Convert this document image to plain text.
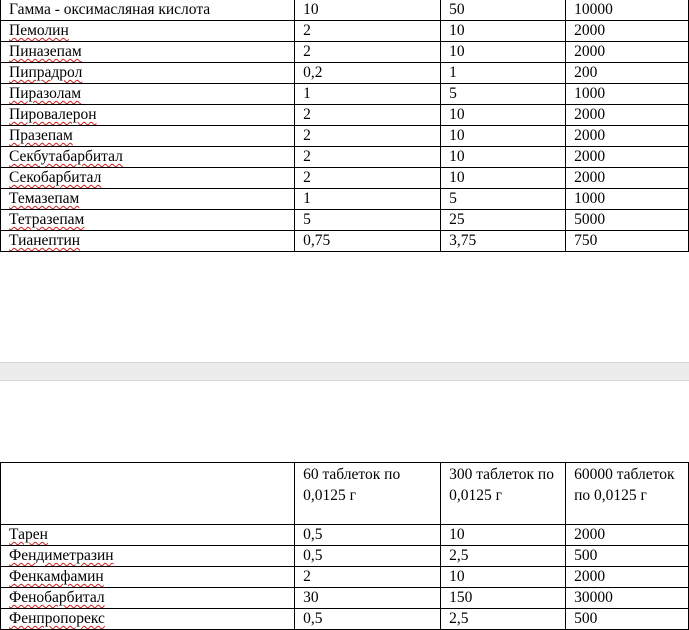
Гамма - оксимасляная кислота	10	50	10000
Пемолин	2	10	2000
Пиназепам	2	10	2000
Пипрадрол	0,2	1	200
Пиразолам	1	5	1000
Пировалерон	2	10	2000
Празепам	2	10	2000
Секбутабарбитал	2	10	2000
Секобарбитал	2	10	2000
Темазепам	1	5	1000
Тетразепам	5	25	5000
Тианептин	0,75	3,75	750

	60 таблеток по 0,0125 г	300 таблеток по 0,0125 г	60000 таблеток по 0,0125 г

Тарен	0,5	10	2000
Фендиметразин	0,5	2,5	500
Фенкамфамин	2	10	2000
Фенобарбитал	30	150	30000
Фенпропорекс	0,5	2,5	500
